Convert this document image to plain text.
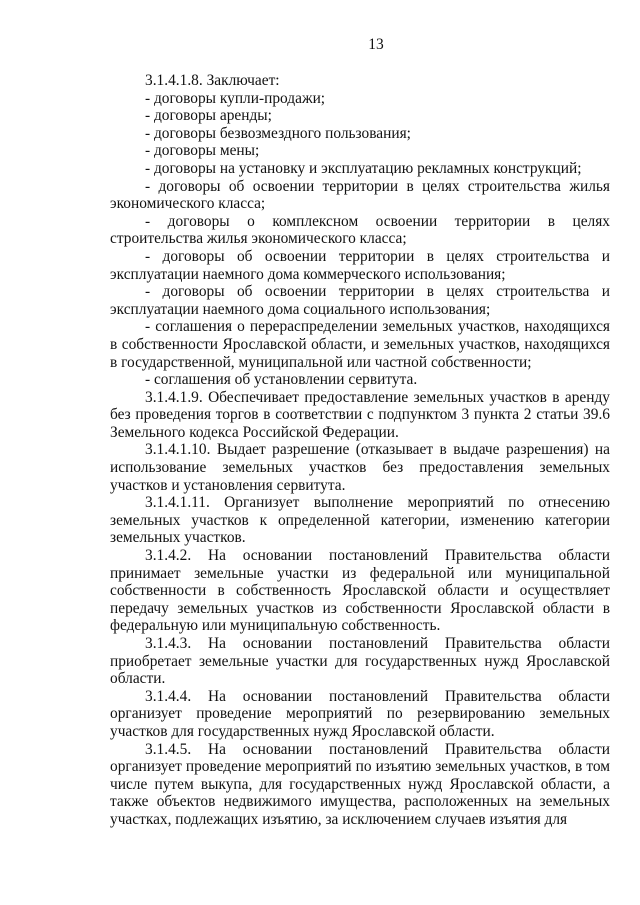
13

3.1.4.1.8. Заключает:

- договоры купли-продажи;

- договоры аренды;

- договоры безвозмездного пользования;

- договоры мены;

- договоры на установку и эксплуатацию рекламных конструкций;

- договоры об освоении территории в целях строительства жилья экономического класса;

- договоры о комплексном освоении территории в целях строительства жилья экономического класса;

- договоры об освоении территории в целях строительства и эксплуатации наемного дома коммерческого использования;

- договоры об освоении территории в целях строительства и эксплуатации наемного дома социального использования;

- соглашения о перераспределении земельных участков, находящихся в собственности Ярославской области, и земельных участков, находящихся в государственной, муниципальной или частной собственности;

- соглашения об установлении сервитута.

3.1.4.1.9. Обеспечивает предоставление земельных участков в аренду без проведения торгов в соответствии с подпунктом 3 пункта 2 статьи 39.6 Земельного кодекса Российской Федерации.

3.1.4.1.10. Выдает разрешение (отказывает в выдаче разрешения) на использование земельных участков без предоставления земельных участков и установления сервитута.

3.1.4.1.11. Организует выполнение мероприятий по отнесению земельных участков к определенной категории, изменению категории земельных участков.

3.1.4.2. На основании постановлений Правительства области принимает земельные участки из федеральной или муниципальной собственности в собственность Ярославской области и осуществляет передачу земельных участков из собственности Ярославской области в федеральную или муниципальную собственность.

3.1.4.3. На основании постановлений Правительства области приобретает земельные участки для государственных нужд Ярославской области.

3.1.4.4. На основании постановлений Правительства области организует проведение мероприятий по резервированию земельных участков для государственных нужд Ярославской области.

3.1.4.5. На основании постановлений Правительства области организует проведение мероприятий по изъятию земельных участков, в том числе путем выкупа, для государственных нужд Ярославской области, а также объектов недвижимого имущества, расположенных на земельных участках, подлежащих изъятию, за исключением случаев изъятия для
